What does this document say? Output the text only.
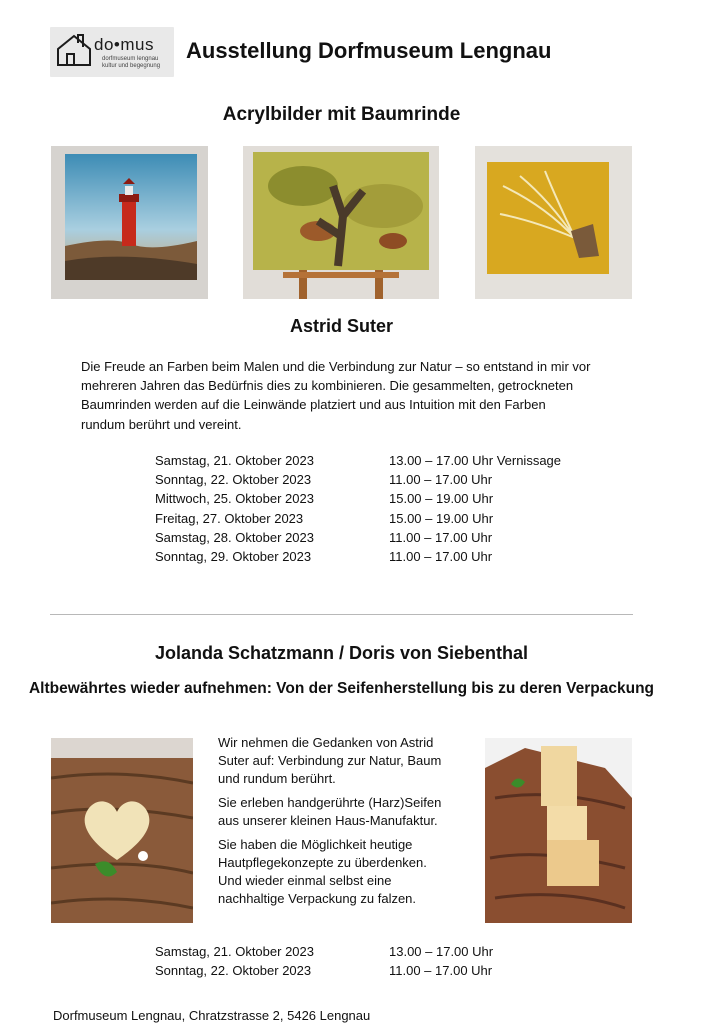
do•mus
dorfmuseum lengnau
kultur und begegnung
Ausstellung Dorfmuseum Lengnau
Acrylbilder mit Baumrinde
Astrid Suter
Die Freude an Farben beim Malen und die Verbindung zur Natur – so entstand in mir vor
mehreren Jahren das Bedürfnis dies zu kombinieren. Die gesammelten, getrockneten
Baumrinden werden auf die Leinwände platziert und aus Intuition mit den Farben
rundum berührt und vereint.
Samstag, 21. Oktober 2023	13.00 – 17.00 Uhr Vernissage
Sonntag, 22. Oktober 2023	11.00 – 17.00 Uhr
Mittwoch, 25. Oktober 2023	15.00 – 19.00 Uhr
Freitag, 27. Oktober 2023	15.00 – 19.00 Uhr
Samstag, 28. Oktober 2023	11.00 – 17.00 Uhr
Sonntag, 29. Oktober 2023	11.00 – 17.00 Uhr
Jolanda Schatzmann / Doris von Siebenthal
Altbewährtes wieder aufnehmen: Von der Seifenherstellung bis zu deren Verpackung
Wir nehmen die Gedanken von Astrid
Suter auf: Verbindung zur Natur, Baum
und rundum berührt.
Sie erleben handgerührte (Harz)Seifen
aus unserer kleinen Haus-Manufaktur.
Sie haben die Möglichkeit heutige
Hautpflegekonzepte zu überdenken.
Und wieder einmal selbst eine
nachhaltige Verpackung zu falzen.
Samstag, 21. Oktober 2023	13.00 – 17.00 Uhr
Sonntag, 22. Oktober 2023	11.00 – 17.00 Uhr
Dorfmuseum Lengnau, Chratzstrasse 2, 5426 Lengnau
